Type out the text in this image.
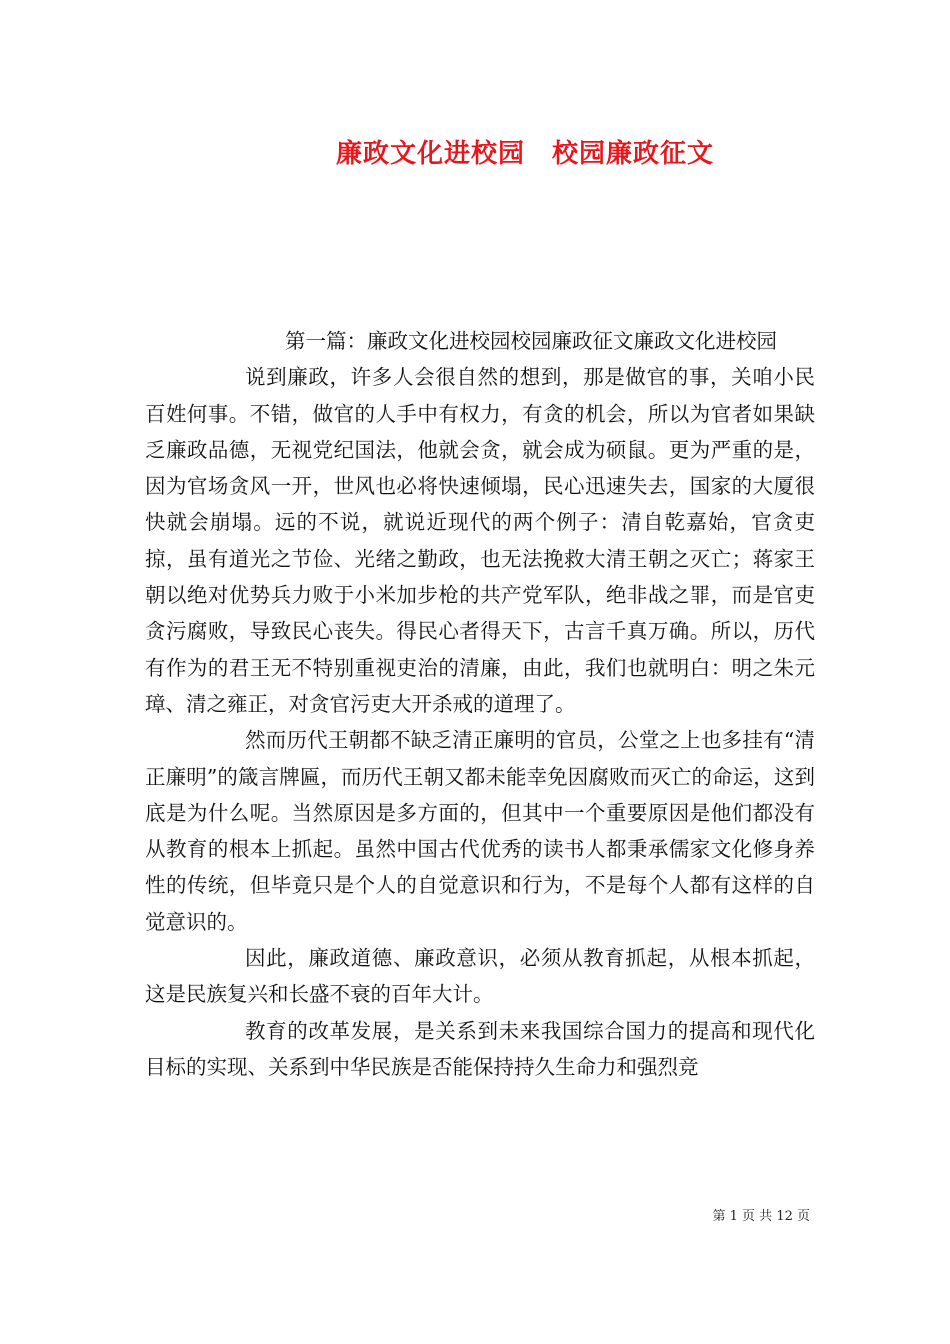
廉政文化进校园　校园廉政征文

第一篇：廉政文化进校园校园廉政征文廉政文化进校园

说到廉政，许多人会很自然的想到，那是做官的事，关咱小民百姓何事。不错，做官的人手中有权力，有贪的机会，所以为官者如果缺乏廉政品德，无视党纪国法，他就会贪，就会成为硕鼠。更为严重的是，因为官场贪风一开，世风也必将快速倾塌，民心迅速失去，国家的大厦很快就会崩塌。远的不说，就说近现代的两个例子：清自乾嘉始，官贪吏掠，虽有道光之节俭、光绪之勤政，也无法挽救大清王朝之灭亡；蒋家王朝以绝对优势兵力败于小米加步枪的共产党军队，绝非战之罪，而是官吏贪污腐败，导致民心丧失。得民心者得天下，古言千真万确。所以，历代有作为的君王无不特别重视吏治的清廉，由此，我们也就明白：明之朱元璋、清之雍正，对贪官污吏大开杀戒的道理了。

然而历代王朝都不缺乏清正廉明的官员，公堂之上也多挂有“清正廉明”的箴言牌匾，而历代王朝又都未能幸免因腐败而灭亡的命运，这到底是为什么呢。当然原因是多方面的，但其中一个重要原因是他们都没有从教育的根本上抓起。虽然中国古代优秀的读书人都秉承儒家文化修身养性的传统，但毕竟只是个人的自觉意识和行为，不是每个人都有这样的自觉意识的。

因此，廉政道德、廉政意识，必须从教育抓起，从根本抓起，这是民族复兴和长盛不衰的百年大计。

教育的改革发展，是关系到未来我国综合国力的提高和现代化目标的实现、关系到中华民族是否能保持持久生命力和强烈竞

第 1 页 共 12 页
